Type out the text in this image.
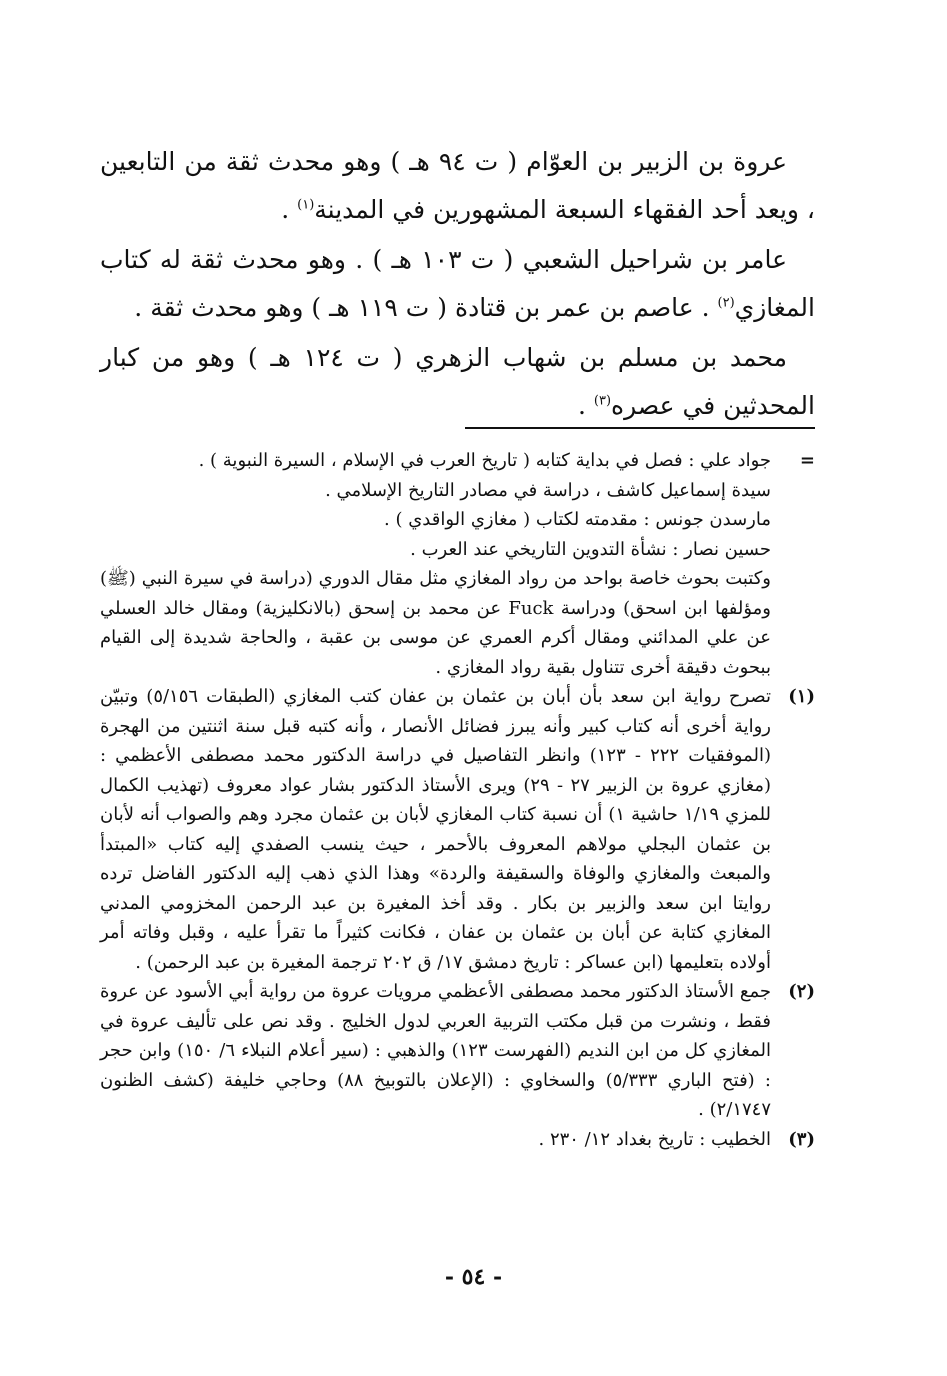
عروة بن الزبير بن العوّام ( ت ٩٤ هـ ) وهو محدث ثقة من التابعين ، ويعد أحد الفقهاء السبعة المشهورين في المدينة$^{(١)}$ .

عامر بن شراحيل الشعبي ( ت ١٠٣ هـ ) . وهو محدث ثقة له كتاب المغازي$^{(٢)}$ . عاصم بن عمر بن قتادة ( ت ١١٩ هـ ) وهو محدث ثقة .

محمد بن مسلم بن شهاب الزهري ( ت ١٢٤ هـ ) وهو من كبار المحدثين في عصره$^{(٣)}$ .

=
جواد علي : فصل في بداية كتابه ( تاريخ العرب في الإسلام ، السيرة النبوية ) .
سيدة إسماعيل كاشف ، دراسة في مصادر التاريخ الإسلامي .
مارسدن جونس : مقدمته لكتاب ( مغازي الواقدي ) .
حسين نصار : نشأة التدوين التاريخي عند العرب .
وكتبت بحوث خاصة بواحد من رواد المغازي مثل مقال الدوري (دراسة في سيرة النبي (ﷺ) ومؤلفها ابن اسحق) ودراسة Fuck عن محمد بن إسحق (بالانكليزية) ومقال خالد العسلي عن علي المدائني ومقال أكرم العمري عن موسى بن عقبة ، والحاجة شديدة إلى القيام ببحوث دقيقة أخرى تتناول بقية رواد المغازي .
(١)
تصرح رواية ابن سعد بأن أبان بن عثمان بن عفان كتب المغازي (الطبقات ٥/١٥٦) وتبيّن رواية أخرى أنه كتاب كبير وأنه يبرز فضائل الأنصار ، وأنه كتبه قبل سنة اثنتين من الهجرة (الموفقيات ٢٢٢ - ١٢٣) وانظر التفاصيل في دراسة الدكتور محمد مصطفى الأعظمي : (مغازي عروة بن الزبير ٢٧ - ٢٩) ويرى الأستاذ الدكتور بشار عواد معروف (تهذيب الكمال للمزي ١/١٩ حاشية ١) أن نسبة كتاب المغازي لأبان بن عثمان مجرد وهم والصواب أنه لأبان بن عثمان البجلي مولاهم المعروف بالأحمر ، حيث ينسب الصفدي إليه كتاب «المبتدأ والمبعث والمغازي والوفاة والسقيفة والردة» وهذا الذي ذهب إليه الدكتور الفاضل ترده روايتا ابن سعد والزبير بن بكار . وقد أخذ المغيرة بن عبد الرحمن المخزومي المدني المغازي كتابة عن أبان بن عثمان بن عفان ، فكانت كثيراً ما تقرأ عليه ، وقبل وفاته أمر أولاده بتعليمها (ابن عساكر : تاريخ دمشق ١٧/ ق ٢٠٢ ترجمة المغيرة بن عبد الرحمن) .
(٢)
جمع الأستاذ الدكتور محمد مصطفى الأعظمي مرويات عروة من رواية أبي الأسود عن عروة فقط ، ونشرت من قبل مكتب التربية العربي لدول الخليج . وقد نص على تأليف عروة في المغازي كل من ابن النديم (الفهرست ١٢٣) والذهبي : (سير أعلام النبلاء ٦/ ١٥٠) وابن حجر : (فتح الباري ٥/٣٣٣) والسخاوي : (الإعلان بالتوبيخ ٨٨) وحاجي خليفة (كشف الظنون ٢/١٧٤٧) .
(٣)
الخطيب : تاريخ بغداد ١٢/ ٢٣٠ .
- ٥٤ -
